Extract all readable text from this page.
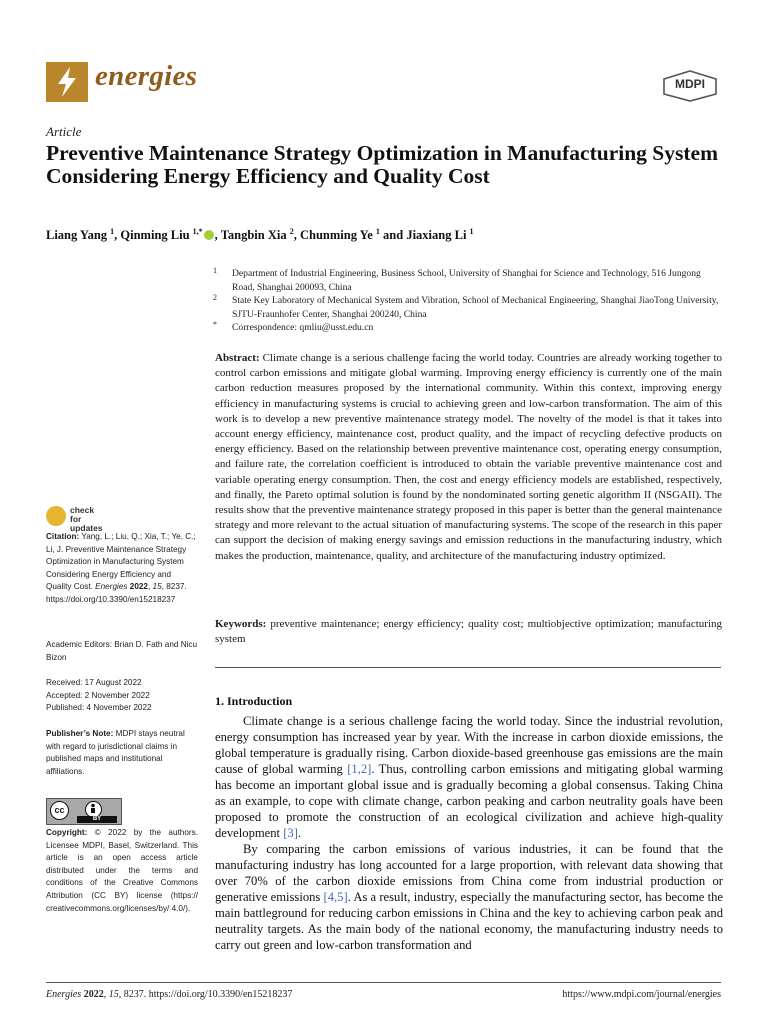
energies	MDPI
Article
Preventive Maintenance Strategy Optimization in Manufacturing System Considering Energy Efficiency and Quality Cost
Liang Yang $^1$, Qinming Liu $^{1,*}$ , Tangbin Xia $^2$, Chunming Ye $^1$ and Jiaxiang Li $^1$
1 Department of Industrial Engineering, Business School, University of Shanghai for Science and Technology, 516 Jungong Road, Shanghai 200093, China
2 State Key Laboratory of Mechanical System and Vibration, School of Mechanical Engineering, Shanghai JiaoTong University, SJTU-Fraunhofer Center, Shanghai 200240, China
* Correspondence: qmliu@usst.edu.cn
Abstract: Climate change is a serious challenge facing the world today. Countries are already working together to control carbon emissions and mitigate global warming. Improving energy efficiency is currently one of the main carbon reduction measures proposed by the international community. Within this context, improving energy efficiency in manufacturing systems is crucial to achieving green and low-carbon transformation. The aim of this work is to develop a new preventive maintenance strategy model. The novelty of the model is that it takes into account energy efficiency, maintenance cost, product quality, and the impact of recycling defective products on energy efficiency. Based on the relationship between preventive maintenance cost, operating energy consumption, and failure rate, the correlation coefficient is introduced to obtain the variable preventive maintenance cost and variable operating energy consumption. Then, the cost and energy efficiency models are established, respectively, and finally, the Pareto optimal solution is found by the nondominated sorting genetic algorithm II (NSGAII). The results show that the preventive maintenance strategy proposed in this paper is better than the general maintenance strategy and more relevant to the actual situation of manufacturing systems. The scope of the research in this paper can support the decision of making energy savings and emission reductions in the manufacturing industry, which makes the production, maintenance, quality, and architecture of the manufacturing industry optimized.
Keywords: preventive maintenance; energy efficiency; quality cost; multiobjective optimization; manufacturing system
1. Introduction

Climate change is a serious challenge facing the world today. Since the industrial revolution, energy consumption has increased year by year. With the increase in carbon dioxide emissions, the global temperature is gradually rising. Carbon dioxide-based greenhouse gas emissions are the main cause of global warming [1,2]. Thus, controlling carbon emissions and mitigating global warming has become an important global issue and is gradually becoming a global consensus. Taking China as an example, to cope with climate change, carbon peaking and carbon neutrality goals have been proposed to promote the construction of an ecological civilization and achieve high-quality development [3].

By comparing the carbon emissions of various industries, it can be found that the manufacturing industry has long accounted for a large proportion, with relevant data showing that over 70% of the carbon dioxide emissions from China come from industrial production or generative emissions [4,5]. As a result, industry, especially the manufacturing sector, has become the main battleground for reducing carbon emissions in China and the key to achieving carbon peak and neutrality targets. As the main body of the national economy, the manufacturing industry needs to carry out green and low-carbon transformation and

check for
updates
Citation: Yang, L.; Liu, Q.; Xia, T.; Ye, C.; Li, J. Preventive Maintenance Strategy Optimization in Manufacturing System Considering Energy Efficiency and Quality Cost. Energies 2022, 15, 8237. https://doi.org/10.3390/en15218237
Academic Editors: Brian D. Fath and Nicu Bizon
Received: 17 August 2022
Accepted: 2 November 2022
Published: 4 November 2022
Publisher’s Note: MDPI stays neutral with regard to jurisdictional claims in published maps and institutional affiliations.
cc
BY
Copyright: © 2022 by the authors. Licensee MDPI, Basel, Switzerland. This article is an open access article distributed under the terms and conditions of the Creative Commons Attribution (CC BY) license (https:// creativecommons.org/licenses/by/ 4.0/).
Energies 2022, 15, 8237. https://doi.org/10.3390/en15218237	https://www.mdpi.com/journal/energies
